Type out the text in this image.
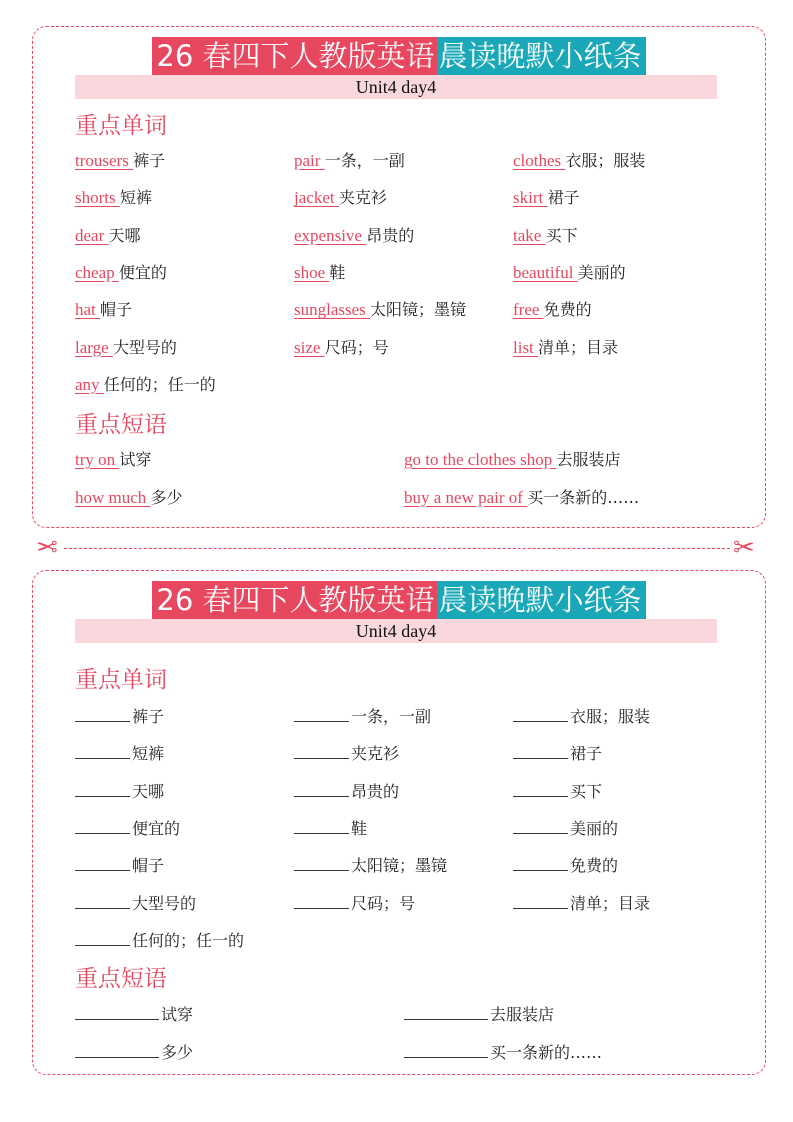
26 春四下人教版英语 晨读晚默小纸条
Unit4 day4
重点单词
trousers 裤子	pair 一条，一副	clothes 衣服；服装
shorts 短裤	jacket 夹克衫	skirt 裙子
dear 天哪	expensive 昂贵的	take 买下
cheap 便宜的	shoe 鞋	beautiful 美丽的
hat 帽子	sunglasses 太阳镜；墨镜	free 免费的
large 大型号的	size 尺码；号	list 清单；目录
any 任何的；任一的
重点短语
try on 试穿	go to the clothes shop 去服装店
how much 多少	buy a new pair of 买一条新的……
✂	✂
26 春四下人教版英语 晨读晚默小纸条
Unit4 day4
重点单词
裤子	一条，一副	衣服；服装
短裤	夹克衫	裙子
天哪	昂贵的	买下
便宜的	鞋	美丽的
帽子	太阳镜；墨镜	免费的
大型号的	尺码；号	清单；目录
任何的；任一的
重点短语
试穿	去服装店
多少	买一条新的……
